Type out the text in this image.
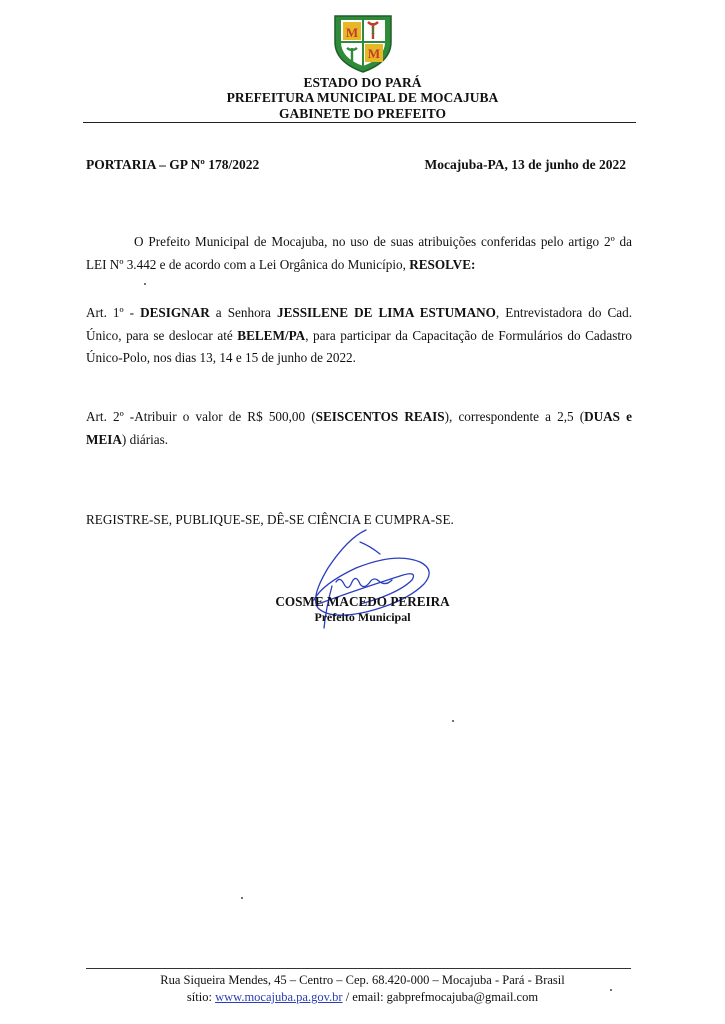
M I
M
ESTADO DO PARÁ
PREFEITURA MUNICIPAL DE MOCAJUBA
GABINETE DO PREFEITO
PORTARIA – GP Nº 178/2022	Mocajuba-PA, 13 de junho de 2022
O Prefeito Municipal de Mocajuba, no uso de suas atribuições conferidas pelo artigo 2º da LEI Nº 3.442 e de acordo com a Lei Orgânica do Município, RESOLVE:
Art. 1º - DESIGNAR a Senhora JESSILENE DE LIMA ESTUMANO, Entrevistadora do Cad. Único, para se deslocar até BELEM/PA, para participar da Capacitação de Formulários do Cadastro Único-Polo, nos dias 13, 14 e 15 de junho de 2022.
Art. 2º -Atribuir o valor de R$ 500,00 (SEISCENTOS REAIS), correspondente a 2,5 (DUAS e MEIA) diárias.
REGISTRE-SE, PUBLIQUE-SE, DÊ-SE CIÊNCIA E CUMPRA-SE.
COSME MACEDO PEREIRA
Prefeito Municipal
Rua Siqueira Mendes, 45 – Centro – Cep. 68.420-000 – Mocajuba - Pará - Brasil
sítio: www.mocajuba.pa.gov.br / email: gabprefmocajuba@gmail.com
